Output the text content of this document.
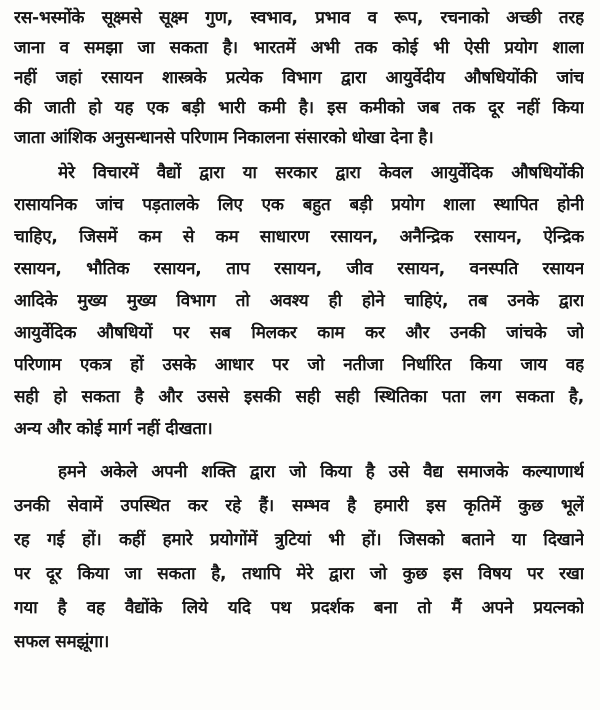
रस-भस्मोंके सूक्ष्मसे सूक्ष्म गुण, स्वभाव, प्रभाव व रूप, रचनाको अच्छी तरह
जाना व समझा जा सकता है। भारतमें अभी तक कोई भी ऐसी प्रयोग शाला
नहीं जहां रसायन शास्त्रके प्रत्येक विभाग द्वारा आयुर्वेदीय औषधियोंकी जांच
की जाती हो यह एक बड़ी भारी कमी है। इस कमीको जब तक दूर नहीं किया
जाता आंशिक अनुसन्धानसे परिणाम निकालना संसारको धोखा देना है।
मेरे विचारमें वैद्यों द्वारा या सरकार द्वारा केवल आयुर्वेदिक औषधियोंकी
रासायनिक जांच पड़तालके लिए एक बहुत बड़ी प्रयोग शाला स्थापित होनी
चाहिए, जिसमें कम से कम साधारण रसायन, अनैन्द्रिक रसायन, ऐन्द्रिक
रसायन, भौतिक रसायन, ताप रसायन, जीव रसायन, वनस्पति रसायन
आदिके मुख्य मुख्य विभाग तो अवश्य ही होने चाहिएं, तब उनके द्वारा
आयुर्वेदिक औषधियों पर सब मिलकर काम कर और उनकी जांचके जो
परिणाम एकत्र हों उसके आधार पर जो नतीजा निर्धारित किया जाय वह
सही हो सकता है और उससे इसकी सही सही स्थितिका पता लग सकता है,
अन्य और कोई मार्ग नहीं दीखता।
हमने अकेले अपनी शक्ति द्वारा जो किया है उसे वैद्य समाजके कल्याणार्थ
उनकी सेवामें उपस्थित कर रहे हैं। सम्भव है हमारी इस कृतिमें कुछ भूलें
रह गई हों। कहीं हमारे प्रयोगोंमें त्रुटियां भी हों। जिसको बताने या दिखाने
पर दूर किया जा सकता है, तथापि मेरे द्वारा जो कुछ इस विषय पर रखा
गया है वह वैद्योंके लिये यदि पथ प्रदर्शक बना तो मैं अपने प्रयत्नको
सफल समझूंगा।
